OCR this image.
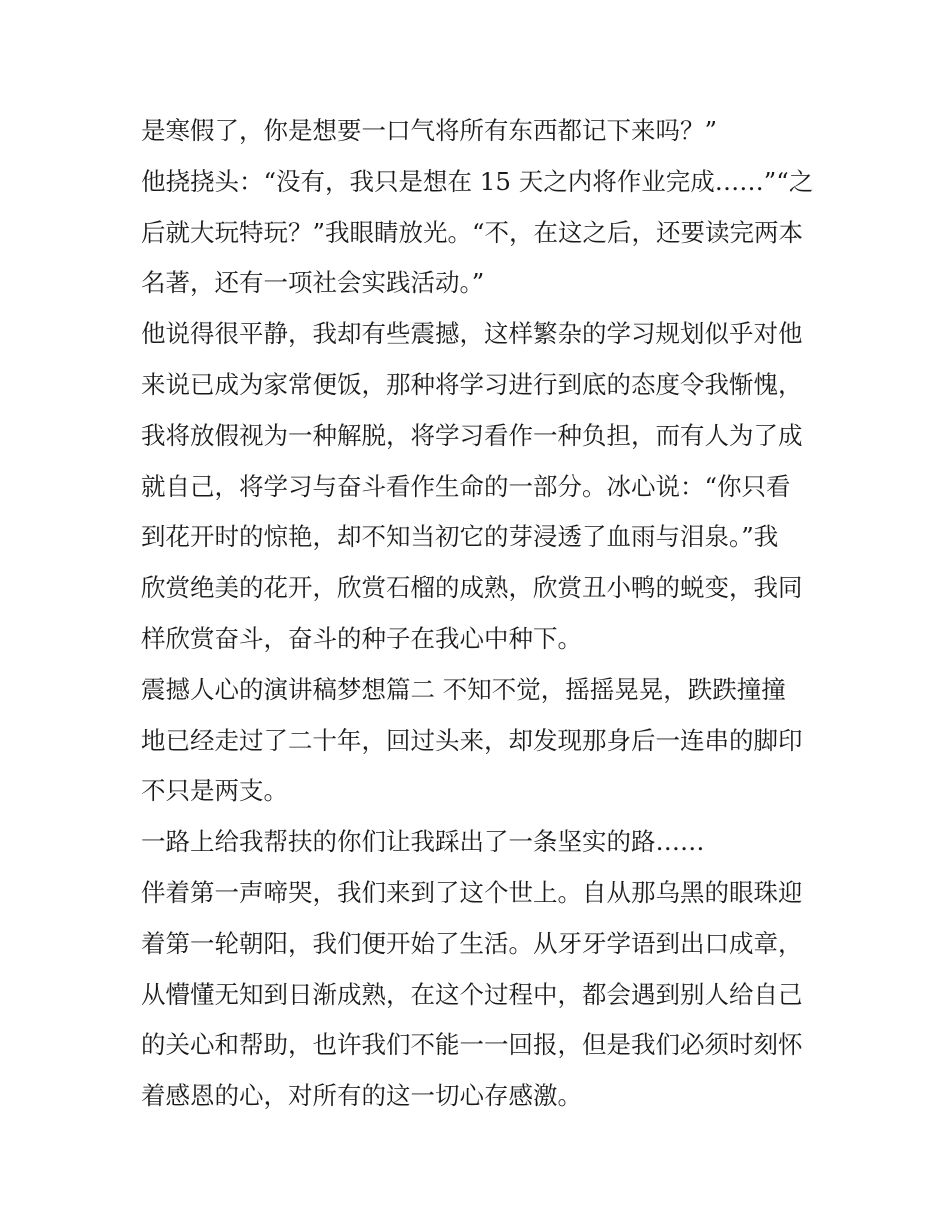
是寒假了，你是想要一口气将所有东西都记下来吗？”
他挠挠头：“没有，我只是想在 15 天之内将作业完成……”“之
后就大玩特玩？”我眼睛放光。“不，在这之后，还要读完两本
名著，还有一项社会实践活动。”
他说得很平静，我却有些震撼，这样繁杂的学习规划似乎对他
来说已成为家常便饭，那种将学习进行到底的态度令我惭愧，
我将放假视为一种解脱，将学习看作一种负担，而有人为了成
就自己，将学习与奋斗看作生命的一部分。冰心说：“你只看
到花开时的惊艳，却不知当初它的芽浸透了血雨与泪泉。”我
欣赏绝美的花开，欣赏石榴的成熟，欣赏丑小鸭的蜕变，我同
样欣赏奋斗，奋斗的种子在我心中种下。
震撼人心的演讲稿梦想篇二 不知不觉，摇摇晃晃，跌跌撞撞
地已经走过了二十年，回过头来，却发现那身后一连串的脚印
不只是两支。
一路上给我帮扶的你们让我踩出了一条坚实的路……
伴着第一声啼哭，我们来到了这个世上。自从那乌黑的眼珠迎
着第一轮朝阳，我们便开始了生活。从牙牙学语到出口成章，
从懵懂无知到日渐成熟，在这个过程中，都会遇到别人给自己
的关心和帮助，也许我们不能一一回报，但是我们必须时刻怀
着感恩的心，对所有的这一切心存感激。
